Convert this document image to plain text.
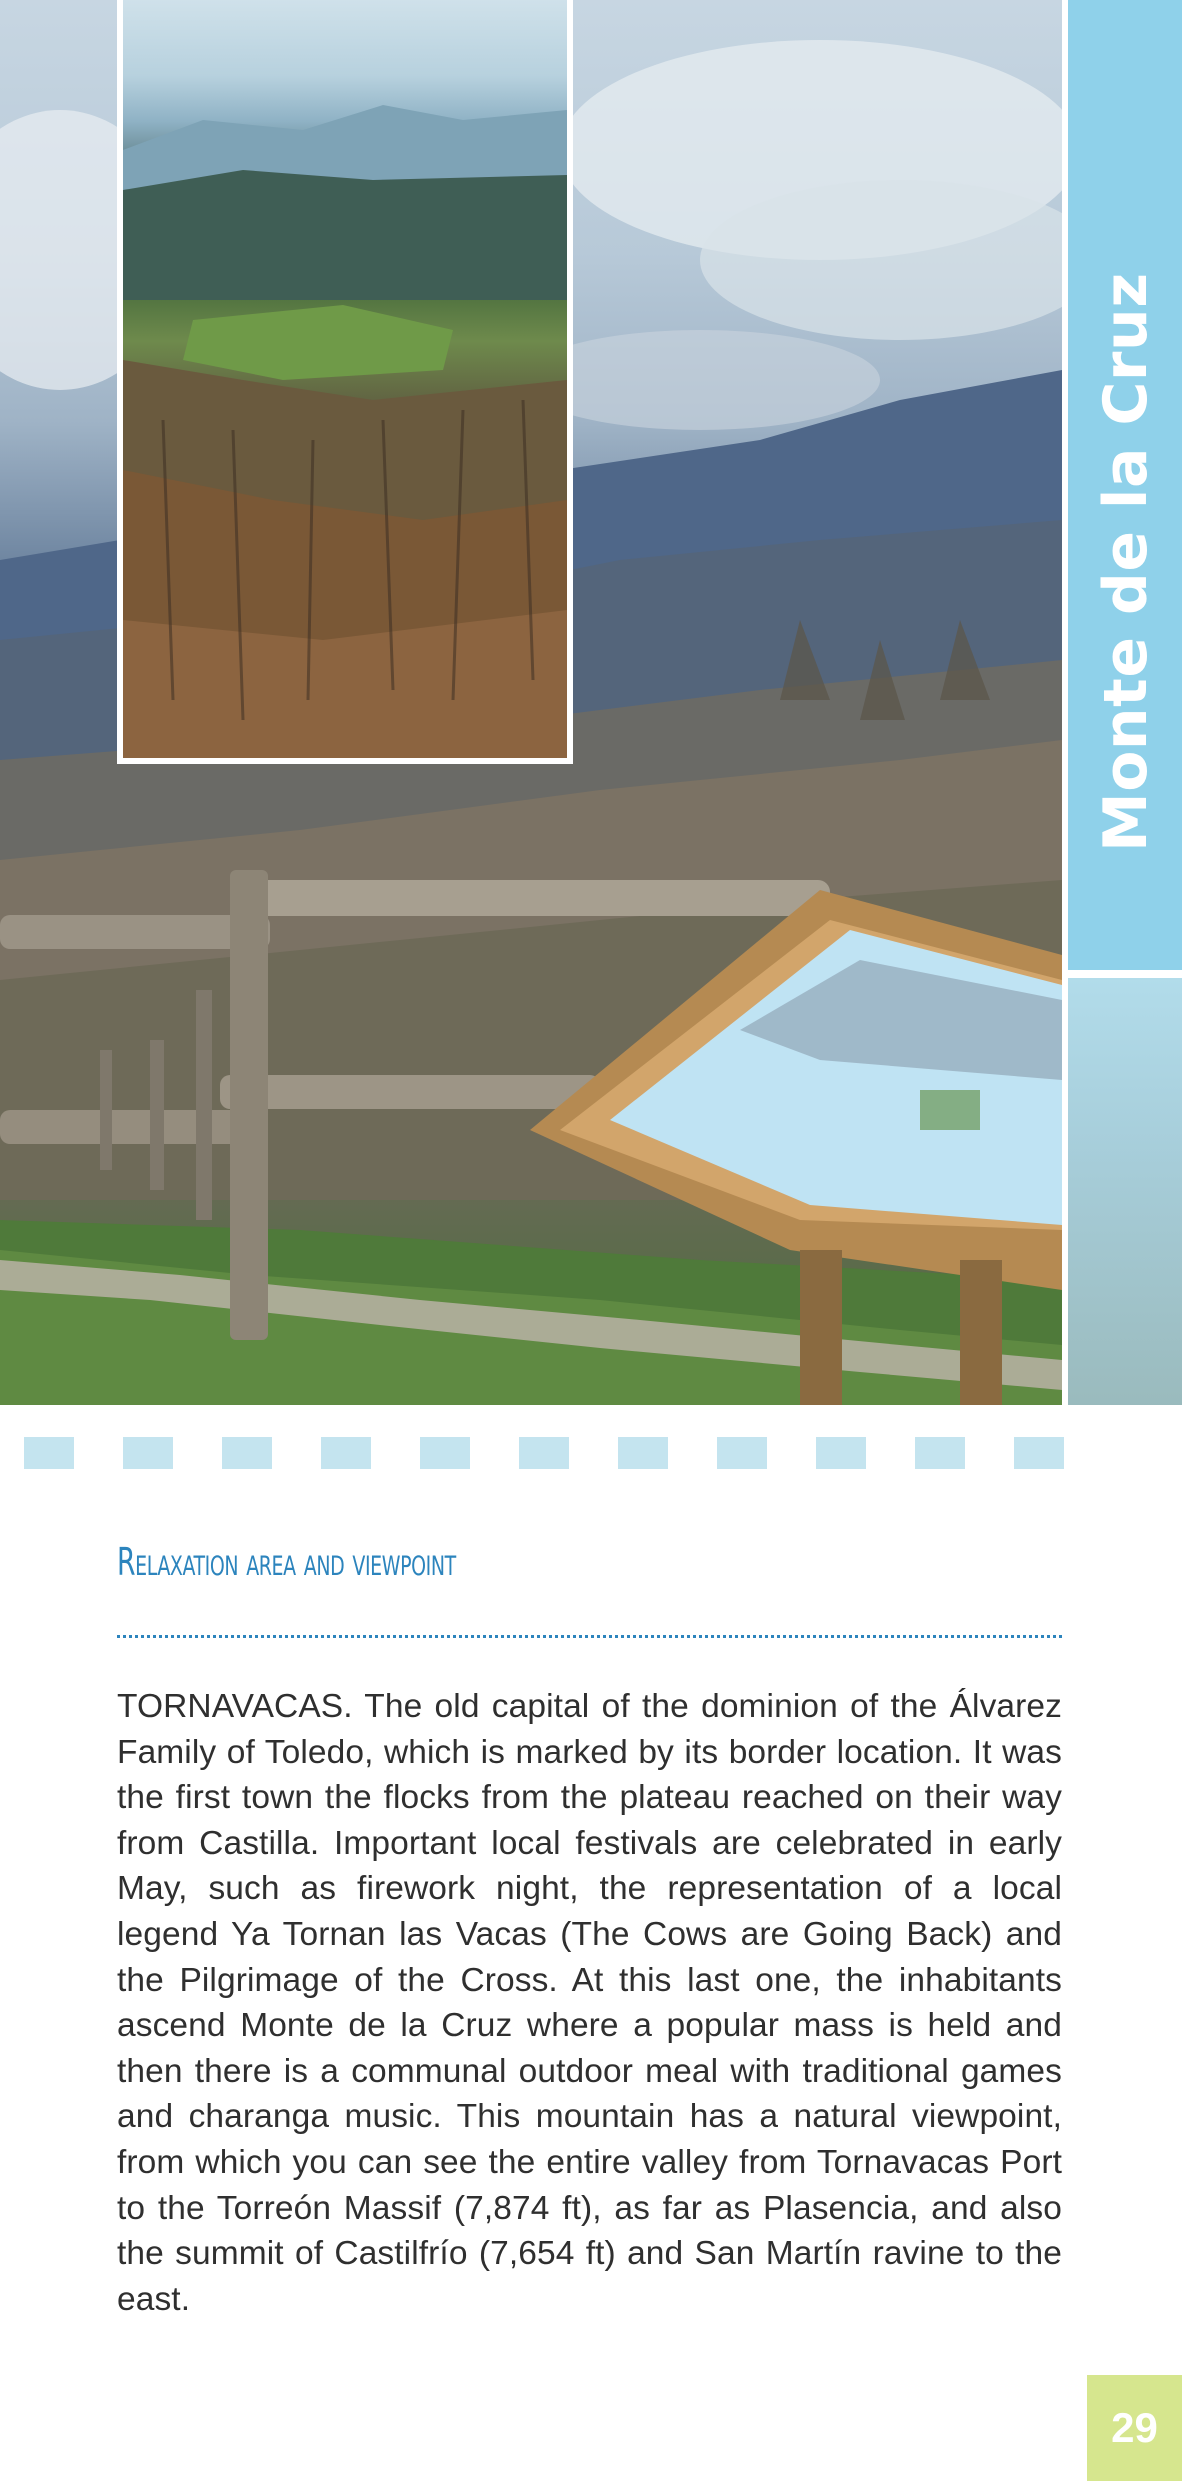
Monte de la Cruz
Relaxation area and viewpoint
TORNAVACAS. The old capital of the dominion of the Álvarez Family of Toledo, which is marked by its border location. It was the first town the flocks from the plateau reached on their way from Castilla. Important local festivals are celebrated in early May, such as firework night, the representation of a local legend Ya Tornan las Vacas (The Cows are Going Back) and the Pilgrimage of the Cross. At this last one, the inhabitants ascend Monte de la Cruz where a popular mass is held and then there is a communal outdoor meal with traditional games and charanga music. This mountain has a natural viewpoint, from which you can see the entire valley from Tornavacas Port to the Torreón Massif (7,874 ft), as far as Plasencia, and also the summit of Castilfrío (7,654 ft) and San Martín ravine to the east.
29
